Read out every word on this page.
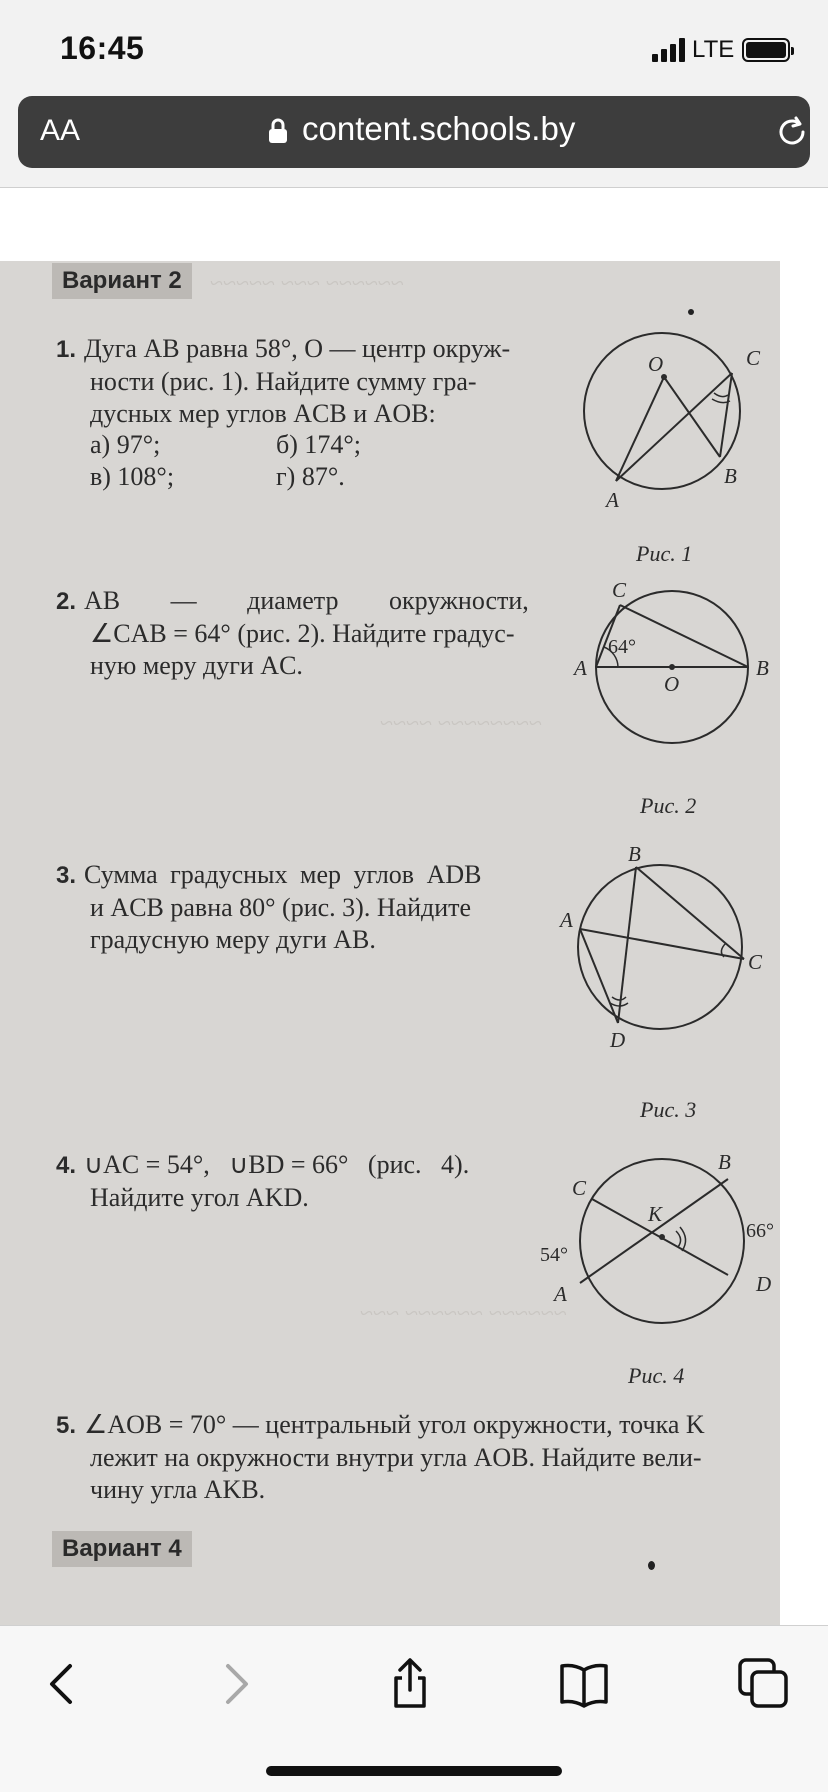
16:45	LTE
AA	content.schools.by
~~~~~~ ~~~ ~~~~~
~~~~~~~~ ~~~~
~~~~~~ ~~~~~~ ~~~
Вариант 2
1. Дуга AB равна 58°, O — центр окруж-
ности (рис. 1). Найдите сумму гра-
дусных мер углов ACB и AOB:
а) 97°;	б) 174°;
в) 108°;	г) 87°.
O	C
A
B
Рис. 1
2. AB — диаметр окружности,
∠CAB = 64° (рис. 2). Найдите градус-
ную меру дуги AC.
C
A	B
O
64°
Рис. 2
3. Сумма градусных мер углов ADB
и ACB равна 80° (рис. 3). Найдите
градусную меру дуги AB.
B
A
C
D
Рис. 3
4. ∪AC = 54°,   ∪BD = 66°   (рис.   4).
Найдите угол AKD.	C
B
K
A	D
54°
66°
Рис. 4
5. ∠AOB = 70° — центральный угол окружности, точка K
лежит на окружности внутри угла AOB. Найдите вели-
чину угла AKB.
Вариант 4
